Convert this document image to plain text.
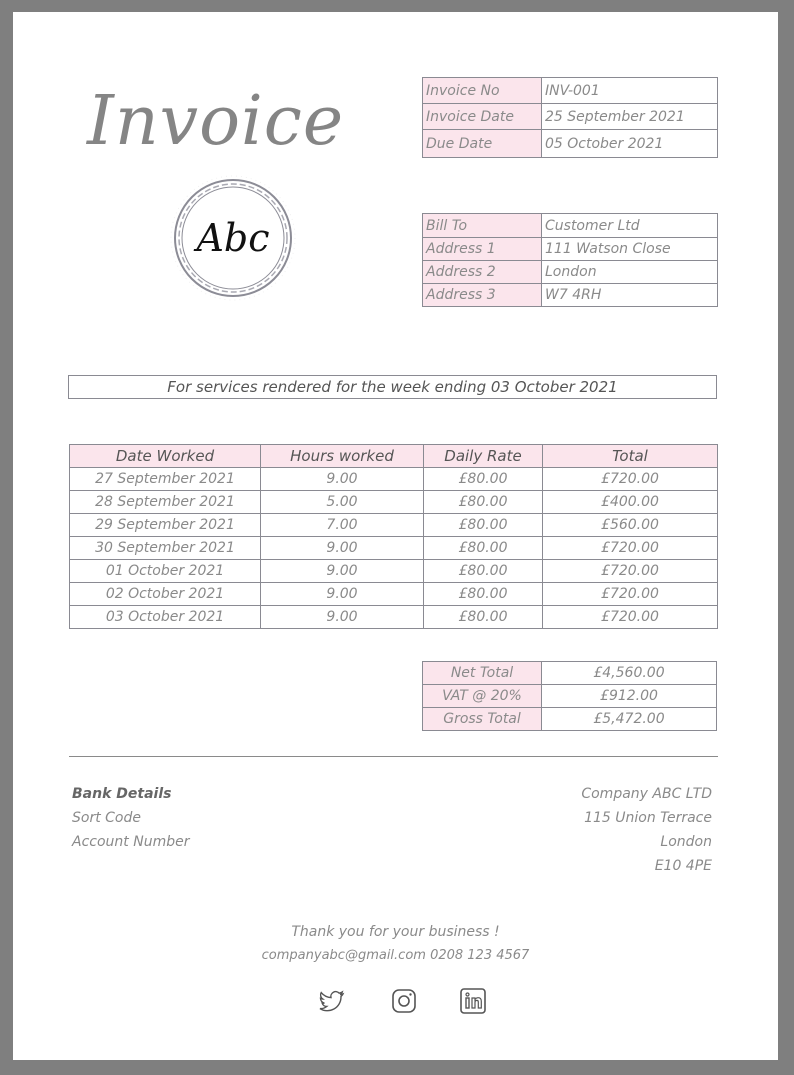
Invoice
Abc
Invoice No	INV-001
Invoice Date	25 September 2021
Due Date	05 October 2021
Bill To	Customer Ltd
Address 1	111 Watson Close
Address 2	London
Address 3	W7 4RH
For services rendered for the week ending 03 October 2021
Date Worked	Hours worked	Daily Rate	Total
27 September 2021	9.00	£80.00	£720.00
28 September 2021	5.00	£80.00	£400.00
29 September 2021	7.00	£80.00	£560.00
30 September 2021	9.00	£80.00	£720.00
01 October 2021	9.00	£80.00	£720.00
02 October 2021	9.00	£80.00	£720.00
03 October 2021	9.00	£80.00	£720.00
Net Total	£4,560.00
VAT @ 20%	£912.00
Gross Total	£5,472.00
Bank Details
Sort Code
Account Number
Company ABC LTD
115 Union Terrace
London
E10 4PE
Thank you for your business !
companyabc@gmail.com 0208 123 4567
